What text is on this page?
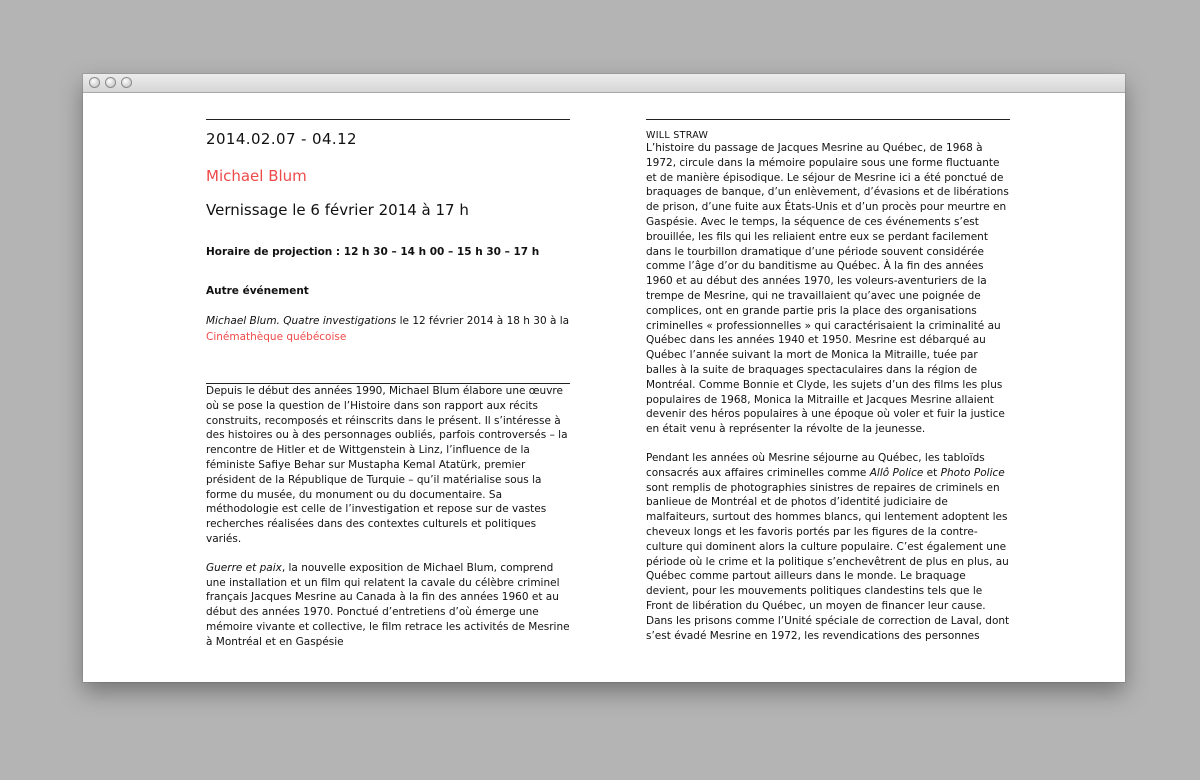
2014.02.07 - 04.12
Michael Blum
Vernissage le 6 février 2014 à 17 h
Horaire de projection : 12 h 30 – 14 h 00 – 15 h 30 – 17 h
Autre événement
Michael Blum. Quatre investigations le 12 février 2014 à 18 h 30 à la Cinémathèque québécoise

Depuis le début des années 1990, Michael Blum élabore une œuvre où se pose la question de l’Histoire dans son rapport aux récits construits, recomposés et réinscrits dans le présent. Il s’intéresse à des histoires ou à des personnages oubliés, parfois controversés – la rencontre de Hitler et de Wittgenstein à Linz, l’influence de la féministe Safiye Behar sur Mustapha Kemal Atatürk, premier président de la République de Turquie – qu’il matérialise sous la forme du musée, du monument ou du documentaire. Sa méthodologie est celle de l’investigation et repose sur de vastes recherches réalisées dans des contextes culturels et politiques variés.

Guerre et paix, la nouvelle exposition de Michael Blum, comprend une installation et un film qui relatent la cavale du célèbre criminel français Jacques Mesrine au Canada à la fin des années 1960 et au début des années 1970. Ponctué d’entretiens d’où émerge une mémoire vivante et collective, le film retrace les activités de Mesrine à Montréal et en Gaspésie

WILL STRAW

L’histoire du passage de Jacques Mesrine au Québec, de 1968 à 1972, circule dans la mémoire populaire sous une forme fluctuante et de manière épisodique. Le séjour de Mesrine ici a été ponctué de braquages de banque, d’un enlèvement, d’évasions et de libérations de prison, d’une fuite aux États-Unis et d’un procès pour meurtre en Gaspésie. Avec le temps, la séquence de ces événements s’est brouillée, les fils qui les reliaient entre eux se perdant facilement dans le tourbillon dramatique d’une période souvent considérée comme l’âge d’or du banditisme au Québec. À la fin des années 1960 et au début des années 1970, les voleurs-aventuriers de la trempe de Mesrine, qui ne travaillaient qu’avec une poignée de complices, ont en grande partie pris la place des organisations criminelles « professionnelles » qui caractérisaient la criminalité au Québec dans les années 1940 et 1950. Mesrine est débarqué au Québec l’année suivant la mort de Monica la Mitraille, tuée par balles à la suite de braquages spectaculaires dans la région de Montréal. Comme Bonnie et Clyde, les sujets d’un des films les plus populaires de 1968, Monica la Mitraille et Jacques Mesrine allaient devenir des héros populaires à une époque où voler et fuir la justice en était venu à représenter la révolte de la jeunesse.

Pendant les années où Mesrine séjourne au Québec, les tabloïds consacrés aux affaires criminelles comme Allô Police et Photo Police sont remplis de photographies sinistres de repaires de criminels en banlieue de Montréal et de photos d’identité judiciaire de malfaiteurs, surtout des hommes blancs, qui lentement adoptent les cheveux longs et les favoris portés par les figures de la contre-culture qui dominent alors la culture populaire. C’est également une période où le crime et la politique s’enchevêtrent de plus en plus, au Québec comme partout ailleurs dans le monde. Le braquage devient, pour les mouvements politiques clandestins tels que le Front de libération du Québec, un moyen de financer leur cause. Dans les prisons comme l’Unité spéciale de correction de Laval, dont s’est évadé Mesrine en 1972, les revendications des personnes
